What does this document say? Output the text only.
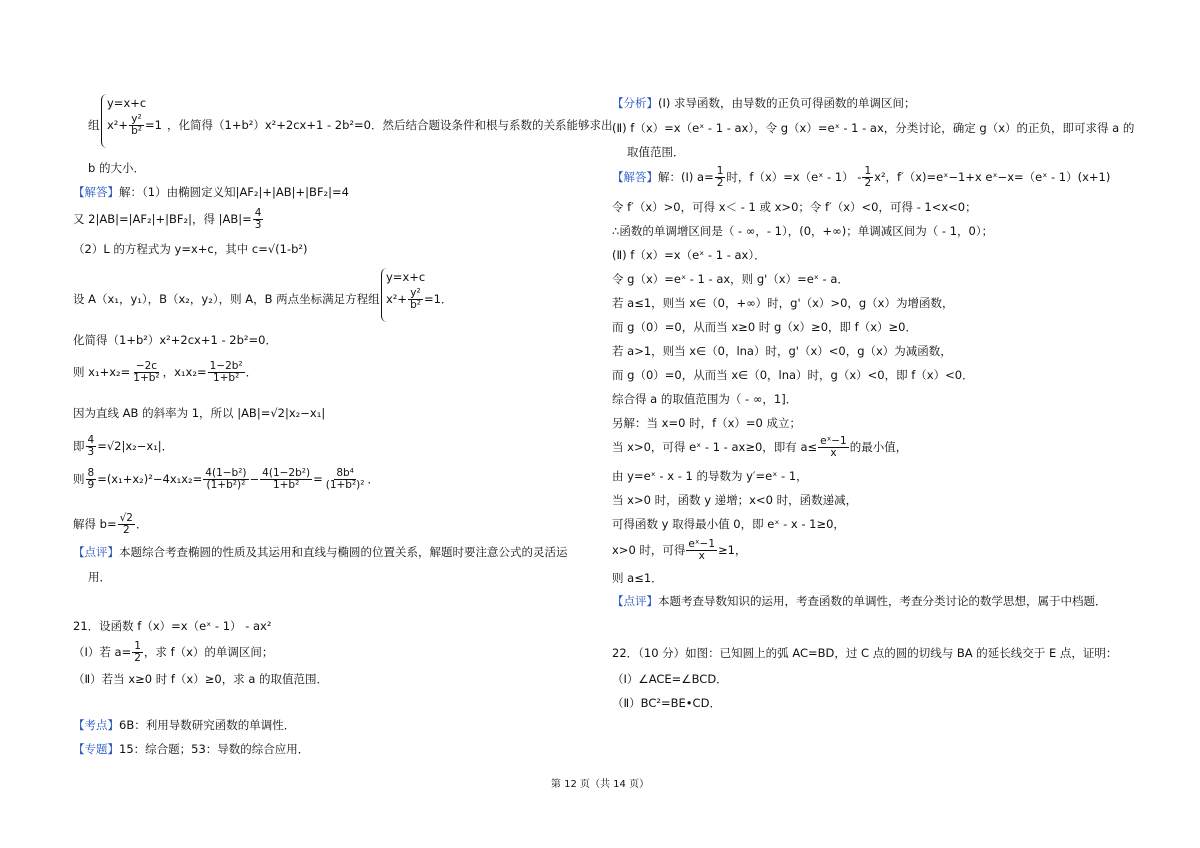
y=x+c
组 $x^2+ \frac{\text{y²}}{\text{b²}} =1$ ，化简得（1+b²）x²+2cx+1 - 2b²=0．然后结合题设条件和根与系数的关系能够求出
b 的大小．
【解答】解：（1）由椭圆定义知|AF₂|+|AB|+|BF₂|=4
又 2|AB|=|AF₂|+|BF₂|，得 $|AB|= \frac{4}{3}$
（2）L 的方程式为 y=x+c，其中 c=√(1-b²)
y=x+c
设 A（x₁，y₁），B（x₂，y₂），则 A，B 两点坐标满足方程组 $x^2+ \frac{\text{y²}}{\text{b²}} =1$．
化简得（1+b²）x²+2cx+1 - 2b²=0．
则 $x_1+x_2= \frac{-2c}{\text{1+b²}}$ ，$x_1x_2= \frac{\text{1−2b²}}{\text{1+b²}}$ ．
因为直线 AB 的斜率为 1，所以 |AB|=√2|x₂−x₁|
即 $\frac{4}{3} =√2|x_2-x_1|$．
则 $\frac{8}{9} =(x_1+x_2)^2-4x_1x_2= \frac{\text{4(1−b²)}}{\text{(1+b²)²}} - \frac{\text{4(1−2b²)}}{\text{1+b²}} = \frac{\text{8b⁴}}{\text{(1+b²)²}}$ ．
解得 $b= \frac{√2}{2}$ ．
【点评】本题综合考查椭圆的性质及其运用和直线与椭圆的位置关系，解题时要注意公式的灵活运
用．
21．设函数 f（x）=x（eˣ - 1） - ax²
（Ⅰ）若 $a= \frac{1}{2}$ ，求 f（x）的单调区间；
（Ⅱ）若当 x≥0 时 f（x）≥0，求 a 的取值范围．
【考点】6B：利用导数研究函数的单调性．
【专题】15：综合题；53：导数的综合应用．
【分析】(Ⅰ) 求导函数，由导数的正负可得函数的单调区间；
(Ⅱ) f（x）=x（eˣ - 1 - ax），令 g（x）=eˣ - 1 - ax，分类讨论，确定 g（x）的正负，即可求得 a 的
取值范围．
【解答】解：(Ⅰ) $a= \frac{1}{2}$ 时，f（x）=x（eˣ - $1) - \frac{1}{2} x^2$，f′（x)=eˣ−1+x eˣ−x=（eˣ - 1）(x+1)
令 f′（x）>0，可得 x＜ - 1 或 x>0；令 f′（x）<0，可得 - 1<x<0；
∴函数的单调增区间是（ - ∞，- 1），(0，+∞)；单调减区间为（ - 1，0）；
(Ⅱ) f（x）=x（eˣ - 1 - ax）．
令 g（x）=eˣ - 1 - ax，则 g'（x）=eˣ - a．
若 a≤1，则当 x∈（0，+∞）时，g'（x）>0，g（x）为增函数，
而 g（0）=0，从而当 x≥0 时 g（x）≥0，即 f（x）≥0．
若 a>1，则当 x∈（0，lna）时，g'（x）<0，g（x）为减函数，
而 g（0）=0，从而当 x∈（0，lna）时，g（x）<0，即 f（x）<0．
综合得 a 的取值范围为（ - ∞，1]．
另解：当 x=0 时，f（x）=0 成立；
当 x>0，可得 eˣ - 1 - ax≥0，即有 $a\le \frac{\text{eˣ−1}}{x}$ 的最小值，
由 y=eˣ - x - 1 的导数为 y′=eˣ - 1，
当 x>0 时，函数 y 递增；x<0 时，函数递减，
可得函数 y 取得最小值 0，即 eˣ - x - 1≥0，
x>0 时，可得 $\frac{\text{eˣ−1}}{x} \ge 1$，
则 a≤1．
【点评】本题考查导数知识的运用，考查函数的单调性，考查分类讨论的数学思想，属于中档题．
22．（10 分）如图：已知圆上的弧 AC=BD，过 C 点的圆的切线与 BA 的延长线交于 E 点，证明：
（Ⅰ）∠ACE=∠BCD．
（Ⅱ）BC²=BE•CD．
第 12 页（共 14 页）
